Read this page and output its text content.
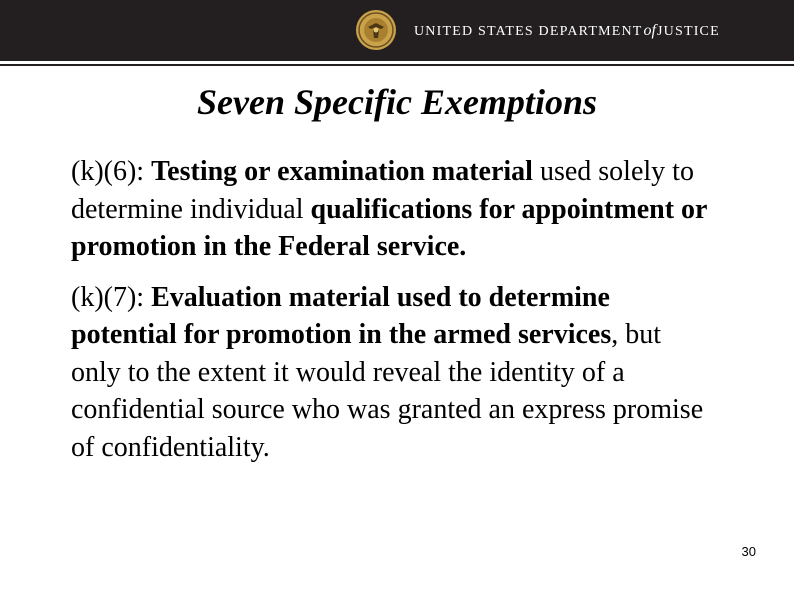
UNITED STATES DEPARTMENTofJUSTICE
Seven Specific Exemptions

(k)(6): Testing or examination material used solely to determine individual qualifications for appointment or promotion in the Federal service.

(k)(7): Evaluation material used to determine potential for promotion in the armed services, but only to the extent it would reveal the identity of a confidential source who was granted an express promise of confidentiality.

30
